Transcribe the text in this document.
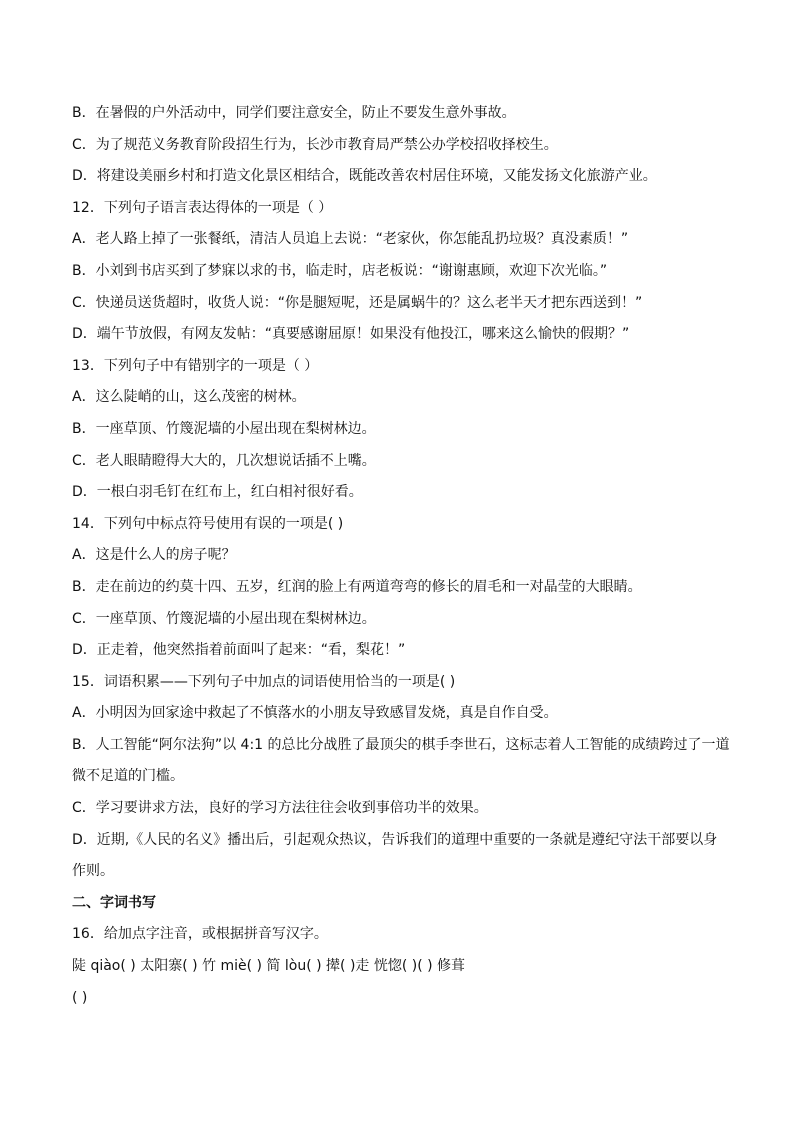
B．在暑假的户外活动中，同学们要注意安全，防止不要发生意外事故。
C．为了规范义务教育阶段招生行为，长沙市教育局严禁公办学校招收择校生。
D．将建设美丽乡村和打造文化景区相结合，既能改善农村居住环境，又能发扬文化旅游产业。
12．下列句子语言表达得体的一项是（ ）
A．老人路上掉了一张餐纸，清洁人员追上去说：“老家伙，你怎能乱扔垃圾？真没素质！”
B．小刘到书店买到了梦寐以求的书，临走时，店老板说：“谢谢惠顾，欢迎下次光临。”
C．快递员送货超时，收货人说：“你是腿短呢，还是属蜗牛的？这么老半天才把东西送到！”
D．端午节放假，有网友发帖：“真要感谢屈原！如果没有他投江，哪来这么愉快的假期？”
13．下列句子中有错别字的一项是（ ）
A．这么陡峭的山，这么茂密的树林。
B．一座草顶、竹篾泥墙的小屋出现在梨树林边。
C．老人眼睛瞪得大大的，几次想说话插不上嘴。
D．一根白羽毛钉在红布上，红白相衬很好看。
14．下列句中标点符号使用有误的一项是( )
A．这是什么人的房子呢？
B．走在前边的约莫十四、五岁，红润的脸上有两道弯弯的修长的眉毛和一对晶莹的大眼睛。
C．一座草顶、竹篾泥墙的小屋出现在梨树林边。
D．正走着，他突然指着前面叫了起来：“看，梨花！”
15．词语积累——下列句子中加点的词语使用恰当的一项是( )
A．小明因为回家途中救起了不慎落水的小朋友导致感冒发烧，真是自作自受。
B．人工智能“阿尔法狗”以 4:1 的总比分战胜了最顶尖的棋手李世石，这标志着人工智能的成绩跨过了一道
微不足道的门槛。
C．学习要讲求方法，良好的学习方法往往会收到事倍功半的效果。
D．近期,《人民的名义》播出后，引起观众热议，告诉我们的道理中重要的一条就是遵纪守法干部要以身
作则。
二、字词书写
16．给加点字注音，或根据拼音写汉字。
陡 qiào( ) 太阳寨( ) 竹 miè( ) 简 lòu( ) 撵( )走 恍惚( )( ) 修葺
( )
